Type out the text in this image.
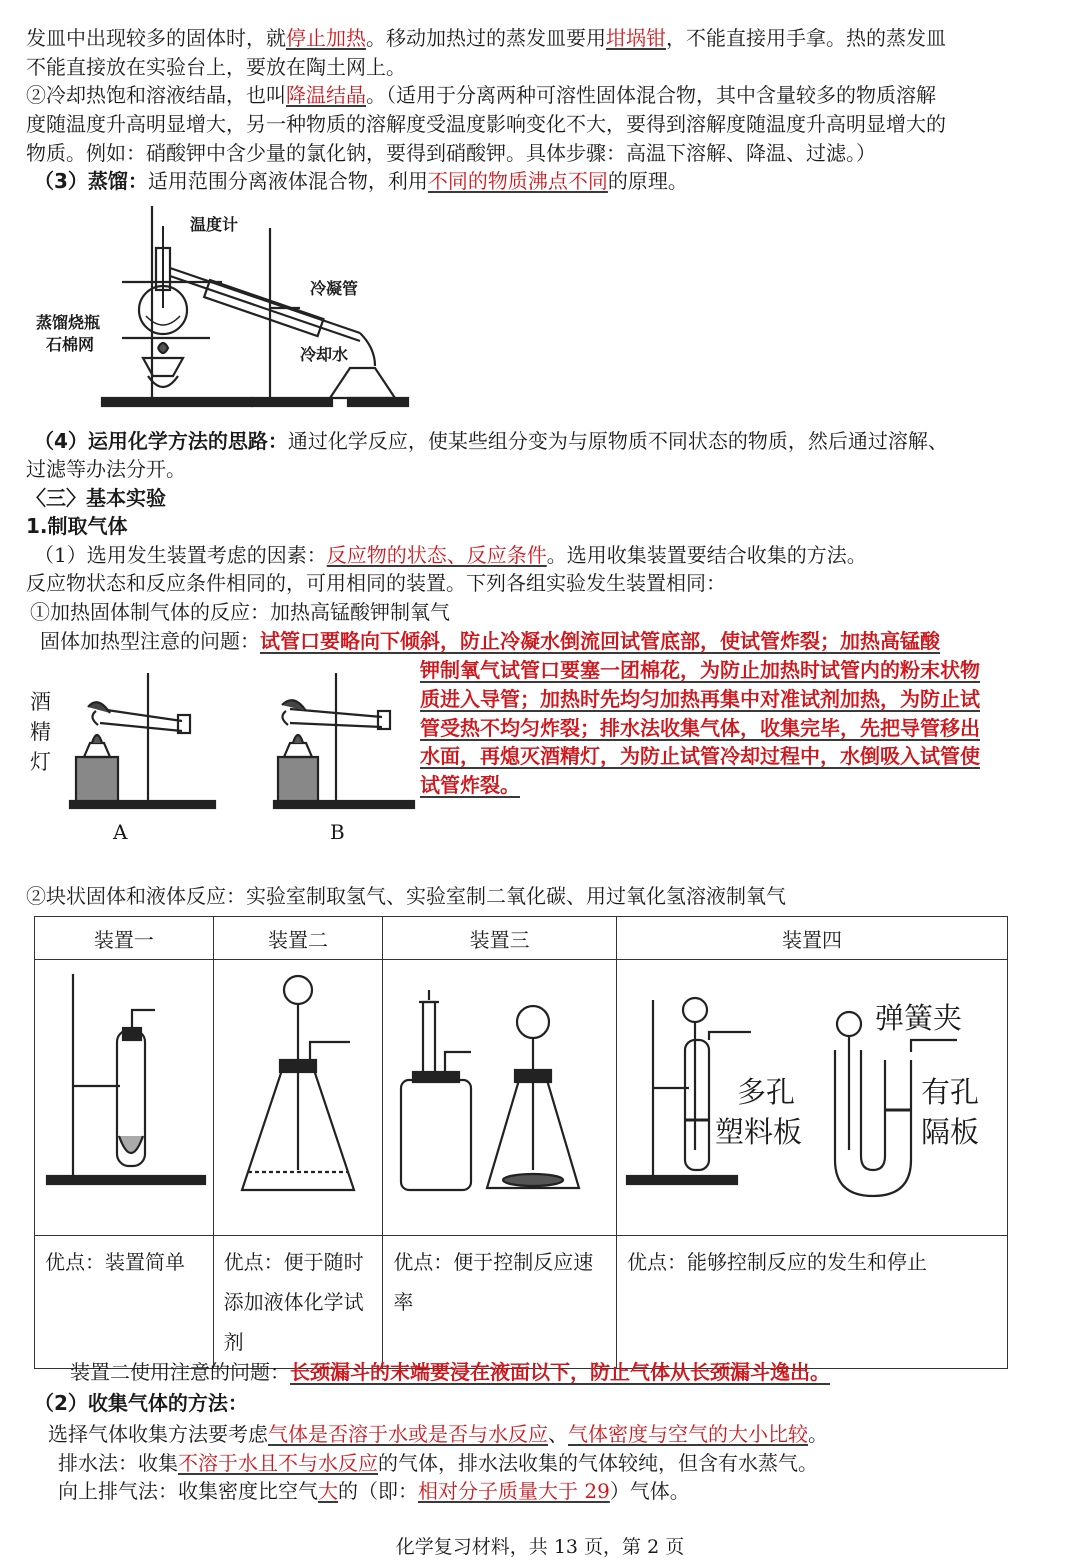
发皿中出现较多的固体时，就停止加热。移动加热过的蒸发皿要用坩埚钳，不能直接用手拿。热的蒸发皿
不能直接放在实验台上，要放在陶土网上。
②冷却热饱和溶液结晶，也叫降温结晶。（适用于分离两种可溶性固体混合物，其中含量较多的物质溶解
度随温度升高明显增大，另一种物质的溶解度受温度影响变化不大，要得到溶解度随温度升高明显增大的
物质。例如：硝酸钾中含少量的氯化钠，要得到硝酸钾。具体步骤：高温下溶解、降温、过滤。）
（3）蒸馏：适用范围分离液体混合物，利用不同的物质沸点不同的原理。
温度计
冷凝管
蒸馏烧瓶
石棉网
冷却水
（4）运用化学方法的思路：通过化学反应，使某些组分变为与原物质不同状态的物质，然后通过溶解、
过滤等办法分开。
〈三〉基本实验
1.制取气体
（1）选用发生装置考虑的因素：反应物的状态、反应条件。选用收集装置要结合收集的方法。
反应物状态和反应条件相同的，可用相同的装置。下列各组实验发生装置相同：
①加热固体制气体的反应：加热高锰酸钾制氧气
固体加热型注意的问题：试管口要略向下倾斜，防止冷凝水倒流回试管底部，使试管炸裂；加热高锰酸
钾制氧气试管口要塞一团棉花，为防止加热时试管内的粉末状物
质进入导管；加热时先均匀加热再集中对准试剂加热，为防止试
管受热不均匀炸裂；排水法收集气体，收集完毕，先把导管移出
水面，再熄灭酒精灯，为防止试管冷却过程中，水倒吸入试管使
试管炸裂。
酒
精
灯
A	B
②块状固体和液体反应：实验室制取氢气、实验室制二氧化碳、用过氧化氢溶液制氧气
装置一	装置二	装置三	装置四

弹簧夹
多孔
塑料板
有孔
隔板

优点：装置简单	优点：便于随时添加液体化学试剂	优点：便于控制反应速率	优点：能够控制反应的发生和停止
装置二使用注意的问题：长颈漏斗的末端要浸在液面以下，防止气体从长颈漏斗逸出。
（2）收集气体的方法：
选择气体收集方法要考虑气体是否溶于水或是否与水反应、气体密度与空气的大小比较。
排水法：收集不溶于水且不与水反应的气体，排水法收集的气体较纯，但含有水蒸气。
向上排气法：收集密度比空气大的（即：相对分子质量大于 29）气体。
化学复习材料，共 13 页，第 2 页
